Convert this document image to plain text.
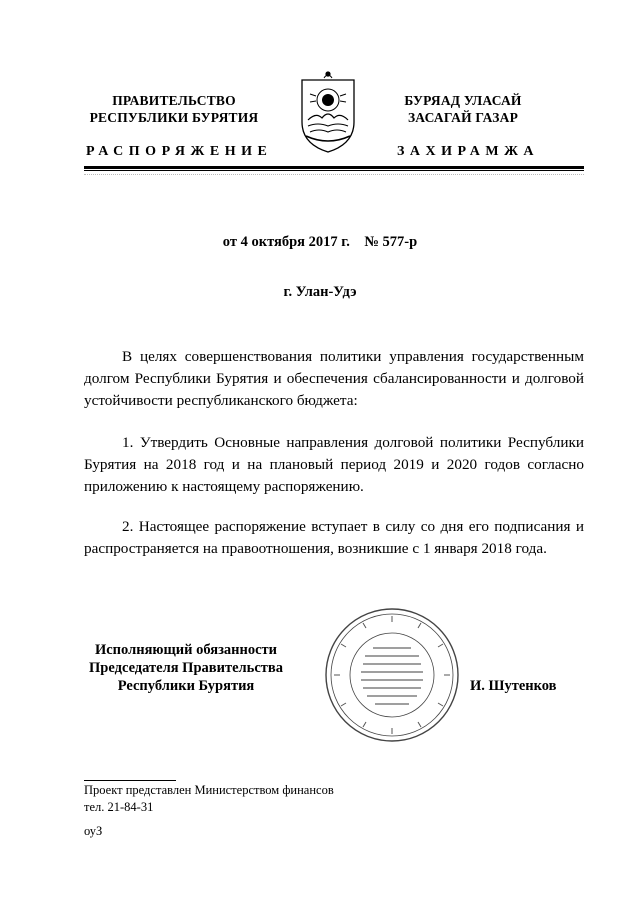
ПРАВИТЕЛЬСТВО
РЕСПУБЛИКИ БУРЯТИЯ
БУРЯАД УЛАСАЙ
ЗАСАГАЙ ГАЗАР
РАСПОРЯЖЕНИЕ	ЗАХИРАМЖА
от 4 октября 2017 г.    № 577-р
г. Улан-Удэ
В целях совершенствования политики управления государственным долгом Республики Бурятия и обеспечения сбалансированности и долговой устойчивости республиканского бюджета:
1. Утвердить Основные направления долговой политики Республики Бурятия на 2018 год и на плановый период 2019 и 2020 годов согласно приложению к настоящему распоряжению.
2. Настоящее распоряжение вступает в силу со дня его подписания и распространяется на правоотношения, возникшие с 1 января 2018 года.
Исполняющий обязанности
Председателя Правительства
Республики Бурятия	И. Шутенков
Проект представлен Министерством финансов
тел. 21-84-31
оуЗ
